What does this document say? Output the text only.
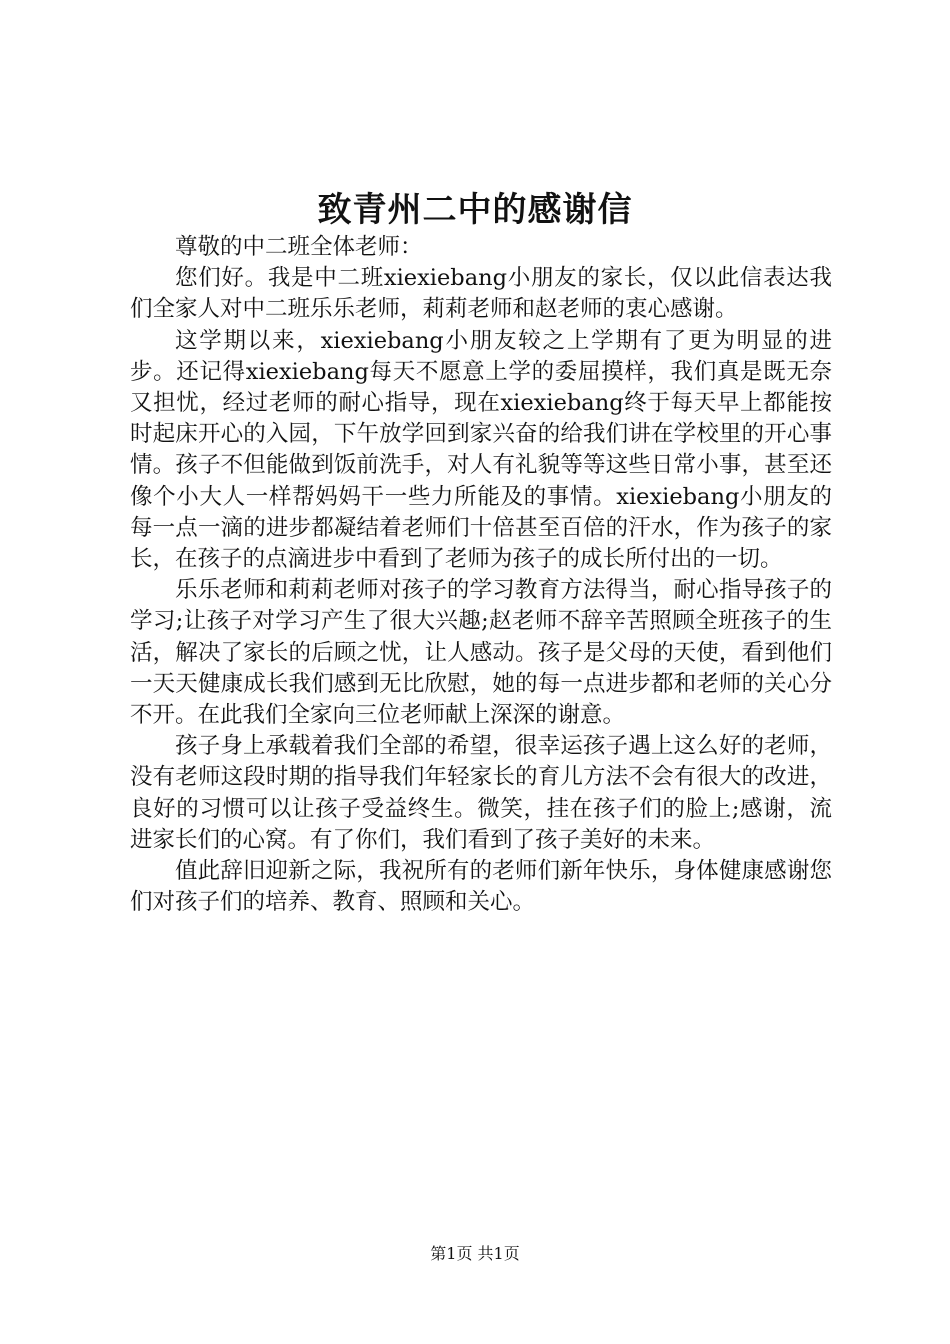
致青州二中的感谢信

尊敬的中二班全体老师：

您们好。我是中二班xiexiebang小朋友的家长，仅以此信表达我们全家人对中二班乐乐老师，莉莉老师和赵老师的衷心感谢。

这学期以来，xiexiebang小朋友较之上学期有了更为明显的进步。还记得xiexiebang每天不愿意上学的委屈摸样，我们真是既无奈又担忧，经过老师的耐心指导，现在xiexiebang终于每天早上都能按时起床开心的入园，下午放学回到家兴奋的给我们讲在学校里的开心事情。孩子不但能做到饭前洗手，对人有礼貌等等这些日常小事，甚至还像个小大人一样帮妈妈干一些力所能及的事情。xiexiebang小朋友的每一点一滴的进步都凝结着老师们十倍甚至百倍的汗水，作为孩子的家长，在孩子的点滴进步中看到了老师为孩子的成长所付出的一切。

乐乐老师和莉莉老师对孩子的学习教育方法得当，耐心指导孩子的学习;让孩子对学习产生了很大兴趣;赵老师不辞辛苦照顾全班孩子的生活，解决了家长的后顾之忧，让人感动。孩子是父母的天使，看到他们一天天健康成长我们感到无比欣慰，她的每一点进步都和老师的关心分不开。在此我们全家向三位老师献上深深的谢意。

孩子身上承载着我们全部的希望，很幸运孩子遇上这么好的老师，没有老师这段时期的指导我们年轻家长的育儿方法不会有很大的改进，良好的习惯可以让孩子受益终生。微笑，挂在孩子们的脸上;感谢，流进家长们的心窝。有了你们，我们看到了孩子美好的未来。

值此辞旧迎新之际，我祝所有的老师们新年快乐，身体健康感谢您们对孩子们的培养、教育、照顾和关心。

第1页 共1页
